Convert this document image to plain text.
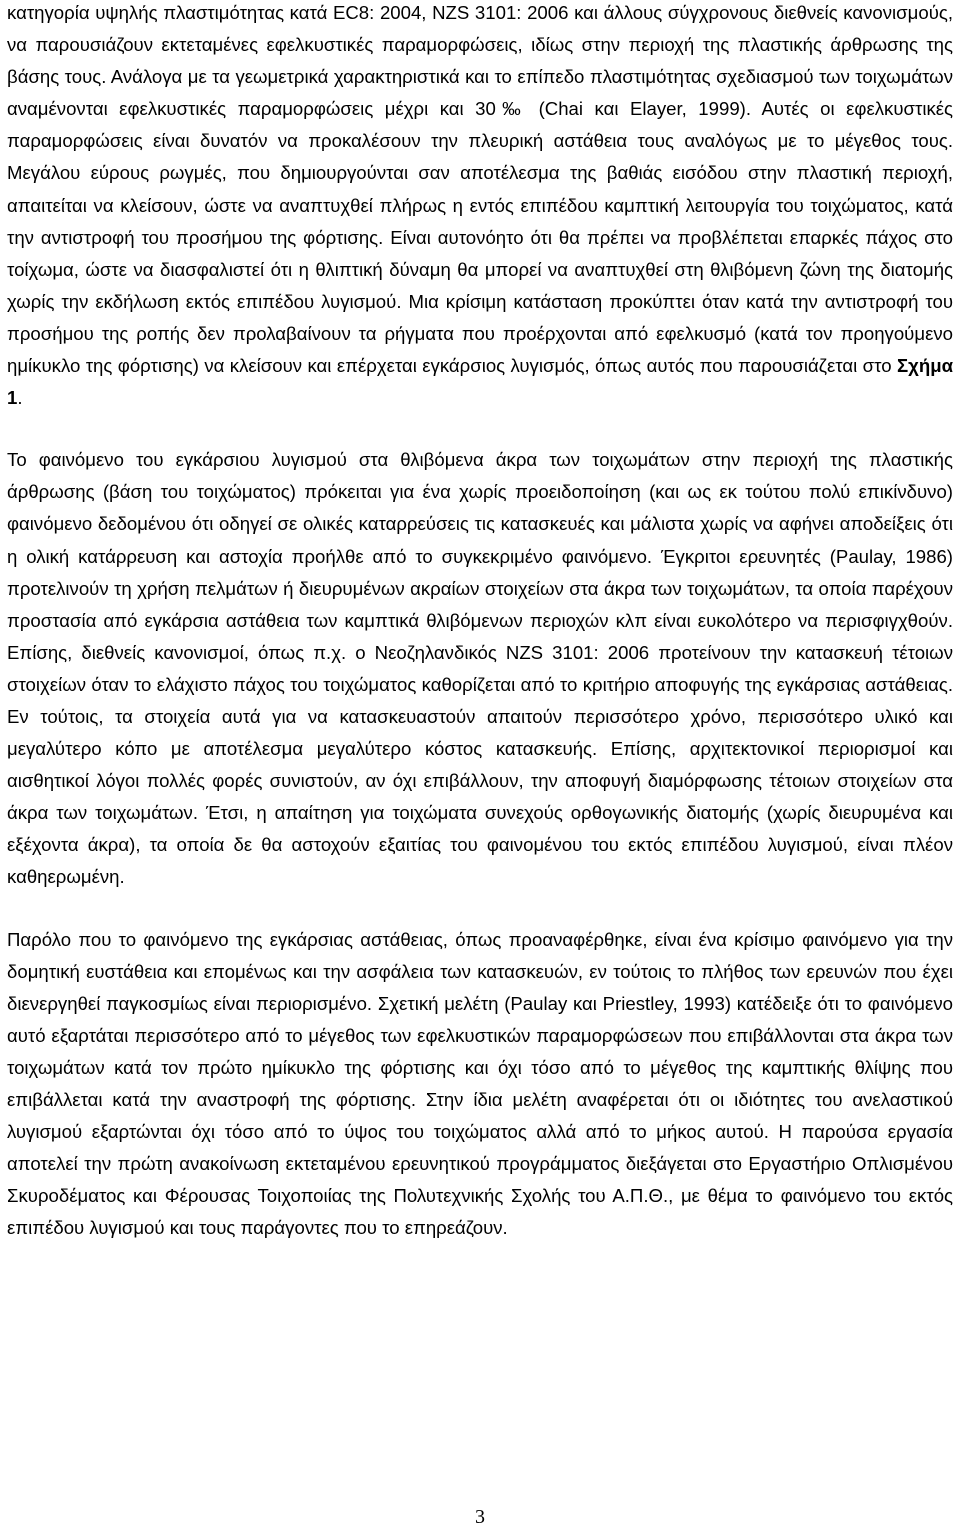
κατηγορία υψηλής πλαστιμότητας κατά EC8: 2004, NZS 3101: 2006 και άλλους σύγχρονους διεθνείς κανονισμούς, να παρουσιάζουν εκτεταμένες εφελκυστικές παραμορφώσεις, ιδίως στην περιοχή της πλαστικής άρθρωσης της βάσης τους. Ανάλογα με τα γεωμετρικά χαρακτηριστικά και το επίπεδο πλαστιμότητας σχεδιασμού των τοιχωμάτων αναμένονται εφελκυστικές παραμορφώσεις μέχρι και 30‰ (Chai και Elayer, 1999). Αυτές οι εφελκυστικές παραμορφώσεις είναι δυνατόν να προκαλέσουν την πλευρική αστάθεια τους αναλόγως με το μέγεθος τους. Μεγάλου εύρους ρωγμές, που δημιουργούνται σαν αποτέλεσμα της βαθιάς εισόδου στην πλαστική περιοχή, απαιτείται να κλείσουν, ώστε να αναπτυχθεί πλήρως η εντός επιπέδου καμπτική λειτουργία του τοιχώματος, κατά την αντιστροφή του προσήμου της φόρτισης. Είναι αυτονόητο ότι θα πρέπει να προβλέπεται επαρκές πάχος στο τοίχωμα, ώστε να διασφαλιστεί ότι η θλιπτική δύναμη θα μπορεί να αναπτυχθεί στη θλιβόμενη ζώνη της διατομής χωρίς την εκδήλωση εκτός επιπέδου λυγισμού. Μια κρίσιμη κατάσταση προκύπτει όταν κατά την αντιστροφή του προσήμου της ροπής δεν προλαβαίνουν τα ρήγματα που προέρχονται από εφελκυσμό (κατά τον προηγούμενο ημίκυκλο της φόρτισης) να κλείσουν και επέρχεται εγκάρσιος λυγισμός, όπως αυτός που παρουσιάζεται στο Σχήμα 1.

Το φαινόμενο του εγκάρσιου λυγισμού στα θλιβόμενα άκρα των τοιχωμάτων στην περιοχή της πλαστικής άρθρωσης (βάση του τοιχώματος) πρόκειται για ένα χωρίς προειδοποίηση (και ως εκ τούτου πολύ επικίνδυνο) φαινόμενο δεδομένου ότι οδηγεί σε ολικές καταρρεύσεις τις κατασκευές και μάλιστα χωρίς να αφήνει αποδείξεις ότι η ολική κατάρρευση και αστοχία προήλθε από το συγκεκριμένο φαινόμενο. Έγκριτοι ερευνητές (Paulay, 1986) προτελινούν τη χρήση πελμάτων ή διευρυμένων ακραίων στοιχείων στα άκρα των τοιχωμάτων, τα οποία παρέχουν προστασία από εγκάρσια αστάθεια των καμπτικά θλιβόμενων περιοχών κλπ είναι ευκολότερο να περισφιγχθούν. Επίσης, διεθνείς κανονισμοί, όπως π.χ. ο Νεοζηλανδικός NZS 3101: 2006 προτείνουν την κατασκευή τέτοιων στοιχείων όταν το ελάχιστο πάχος του τοιχώματος καθορίζεται από το κριτήριο αποφυγής της εγκάρσιας αστάθειας. Εν τούτοις, τα στοιχεία αυτά για να κατασκευαστούν απαιτούν περισσότερο χρόνο, περισσότερο υλικό και μεγαλύτερο κόπο με αποτέλεσμα μεγαλύτερο κόστος κατασκευής. Επίσης, αρχιτεκτονικοί περιορισμοί και αισθητικοί λόγοι πολλές φορές συνιστούν, αν όχι επιβάλλουν, την αποφυγή διαμόρφωσης τέτοιων στοιχείων στα άκρα των τοιχωμάτων. Έτσι, η απαίτηση για τοιχώματα συνεχούς ορθογωνικής διατομής (χωρίς διευρυμένα και εξέχοντα άκρα), τα οποία δε θα αστοχούν εξαιτίας του φαινομένου του εκτός επιπέδου λυγισμού, είναι πλέον καθηερωμένη.

Παρόλο που το φαινόμενο της εγκάρσιας αστάθειας, όπως προαναφέρθηκε, είναι ένα κρίσιμο φαινόμενο για την δομητική ευστάθεια και επομένως και την ασφάλεια των κατασκευών, εν τούτοις το πλήθος των ερευνών που έχει διενεργηθεί παγκοσμίως είναι περιορισμένο. Σχετική μελέτη (Paulay και Priestley, 1993) κατέδειξε ότι το φαινόμενο αυτό εξαρτάται περισσότερο από το μέγεθος των εφελκυστικών παραμορφώσεων που επιβάλλονται στα άκρα των τοιχωμάτων κατά τον πρώτο ημίκυκλο της φόρτισης και όχι τόσο από το μέγεθος της καμπτικής θλίψης που επιβάλλεται κατά την αναστροφή της φόρτισης. Στην ίδια μελέτη αναφέρεται ότι οι ιδιότητες του ανελαστικού λυγισμού εξαρτώνται όχι τόσο από το ύψος του τοιχώματος αλλά από το μήκος αυτού. Η παρούσα εργασία αποτελεί την πρώτη ανακοίνωση εκτεταμένου ερευνητικού προγράμματος διεξάγεται στο Εργαστήριο Οπλισμένου Σκυροδέματος και Φέρουσας Τοιχοποιίας της Πολυτεχνικής Σχολής του Α.Π.Θ., με θέμα το φαινόμενο του εκτός επιπέδου λυγισμού και τους παράγοντες που το επηρεάζουν.

3
